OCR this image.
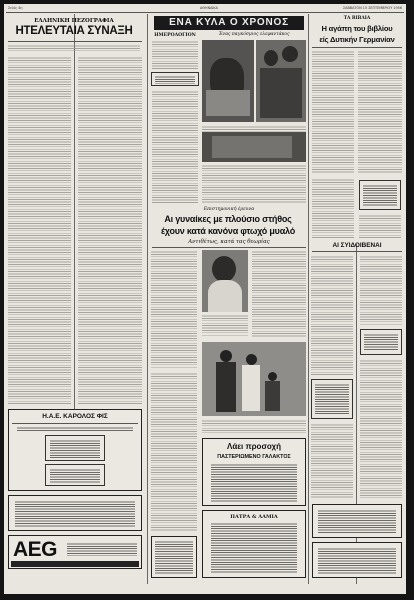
Σελίς 4η	ΑΘΗΝΑΙΚΑ	ΣΑΒΒΑΤΟΝ 15 ΣΕΠΤΕΜΒΡΙΟΥ 1956
ΕΛΛΗΝΙΚΗ ΠΕΖΟΓΡΑΦΙΑ
ΗΤΕΛΕΥΤΑΙΑ ΣΥΝΑΞΗ
Η.Α.Ε. ΚΑΡΟΛΟΣ ΦΙΣ
AEG
ΕΝΑ ΚΥΛΑ Ο ΧΡΟΝΟΣ
ΗΜΕΡΟΛΟΓΙΟΝ	Ένας παγκόσμιος ελεφαντάκος
Επιστημονική έρευνα
Αι γυναίκες με πλούσιο στήθος
έχουν κατά κανόνα φτωχό μυαλό
Αντιθέτως, κατά τας θεωρίας
Λάει προσοχή
ΠΑΣΤΕΡΙΩΜΕΝΟ ΓΑΛΑΚΤΟΣ
ΠΑΤΡΑ & ΛΑΜΙΑ
ΤΑ ΒΙΒΛΙΑ
Η αγάπη του βιβλίου
είς Δυτικήν Γερμανίαν
ΑΙ ΣΥΙΔΟΙΒΕΝΑΙ
